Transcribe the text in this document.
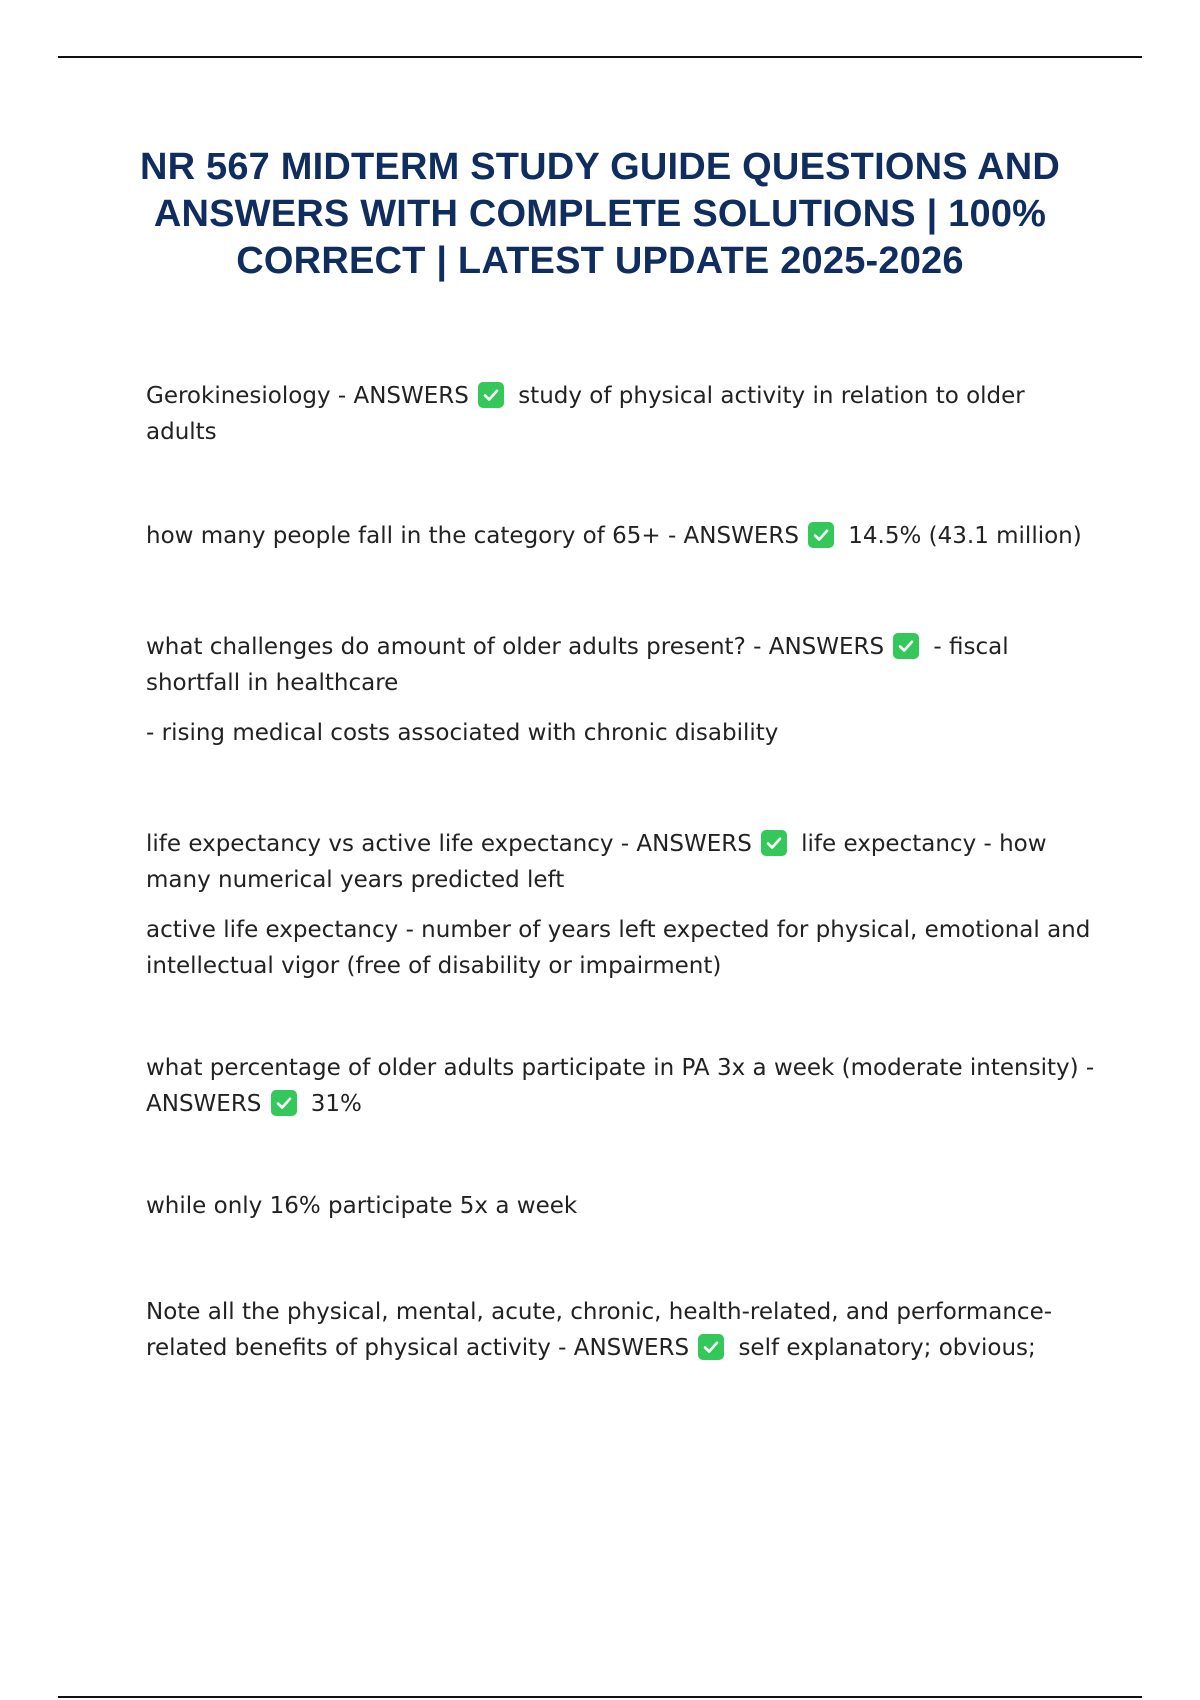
NR 567 MIDTERM STUDY GUIDE QUESTIONS AND ANSWERS WITH COMPLETE SOLUTIONS | 100% CORRECT | LATEST UPDATE 2025-2026

Gerokinesiology - ANSWERS study of physical activity in relation to older adults

how many people fall in the category of 65+ - ANSWERS 14.5% (43.1 million)

what challenges do amount of older adults present? - ANSWERS - fiscal shortfall in healthcare

- rising medical costs associated with chronic disability

life expectancy vs active life expectancy - ANSWERS life expectancy - how many numerical years predicted left

active life expectancy - number of years left expected for physical, emotional and intellectual vigor (free of disability or impairment)

what percentage of older adults participate in PA 3x a week (moderate intensity) - ANSWERS 31%

while only 16% participate 5x a week

Note all the physical, mental, acute, chronic, health-related, and performance-related benefits of physical activity - ANSWERS self explanatory; obvious;
